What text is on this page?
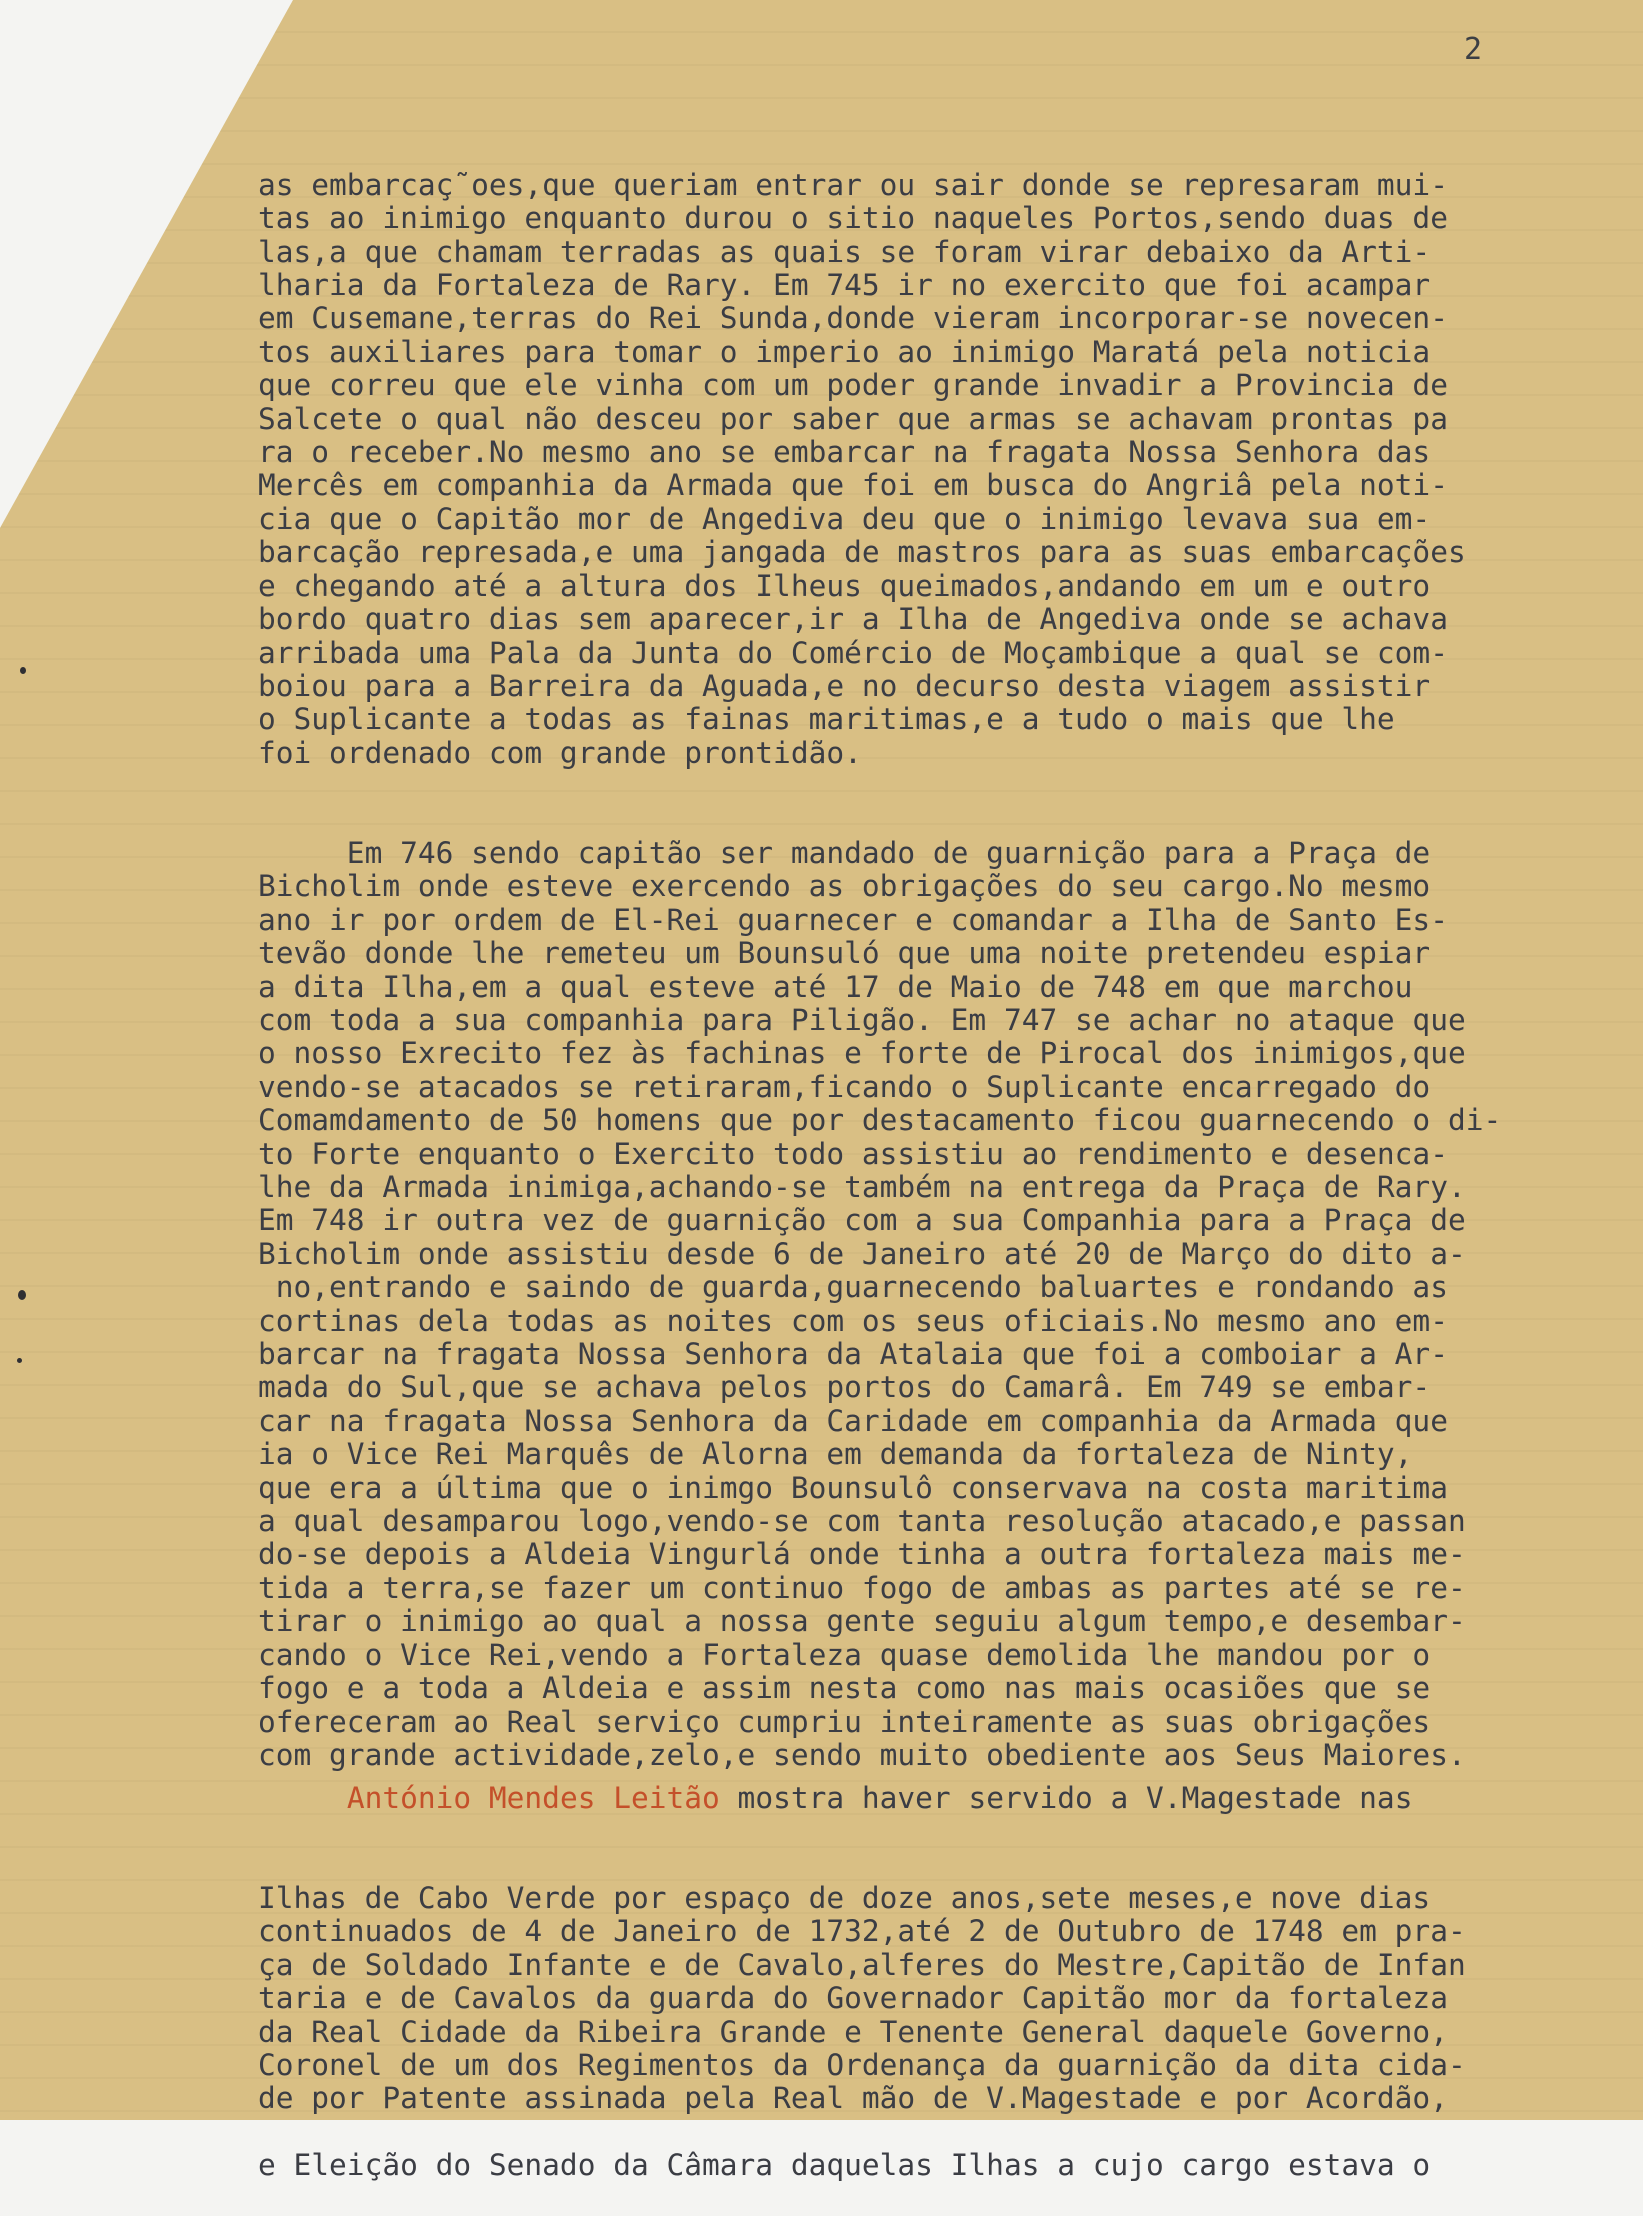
2

as embarcaç˜oes,que queriam entrar ou sair donde se represaram mui-
tas ao inimigo enquanto durou o sitio naqueles Portos,sendo duas de
las,a que chamam terradas as quais se foram virar debaixo da Arti-
lharia da Fortaleza de Rary. Em 745 ir no exercito que foi acampar
em Cusemane,terras do Rei Sunda,donde vieram incorporar-se novecen-
tos auxiliares para tomar o imperio ao inimigo Maratá pela noticia
que correu que ele vinha com um poder grande invadir a Provincia de
Salcete o qual não desceu por saber que armas se achavam prontas pa
ra o receber.No mesmo ano se embarcar na fragata Nossa Senhora das
Mercês em companhia da Armada que foi em busca do Angriâ pela noti-
cia que o Capitão mor de Angediva deu que o inimigo levava sua em-
barcação represada,e uma jangada de mastros para as suas embarcações
e chegando até a altura dos Ilheus queimados,andando em um e outro
bordo quatro dias sem aparecer,ir a Ilha de Angediva onde se achava
arribada uma Pala da Junta do Comércio de Moçambique a qual se com-
boiou para a Barreira da Aguada,e no decurso desta viagem assistir
o Suplicante a todas as fainas maritimas,e a tudo o mais que lhe
foi ordenado com grande prontidão.

Em 746 sendo capitão ser mandado de guarnição para a Praça de
Bicholim onde esteve exercendo as obrigações do seu cargo.No mesmo
ano ir por ordem de El-Rei guarnecer e comandar a Ilha de Santo Es-
tevão donde lhe remeteu um Bounsuló que uma noite pretendeu espiar
a dita Ilha,em a qual esteve até 17 de Maio de 748 em que marchou
com toda a sua companhia para Piligão. Em 747 se achar no ataque que
o nosso Exrecito fez às fachinas e forte de Pirocal dos inimigos,que
vendo-se atacados se retiraram,ficando o Suplicante encarregado do
Comamdamento de 50 homens que por destacamento ficou guarnecendo o di-
to Forte enquanto o Exercito todo assistiu ao rendimento e desenca-
lhe da Armada inimiga,achando-se também na entrega da Praça de Rary.
Em 748 ir outra vez de guarnição com a sua Companhia para a Praça de
Bicholim onde assistiu desde 6 de Janeiro até 20 de Março do dito a-
no,entrando e saindo de guarda,guarnecendo baluartes e rondando as
cortinas dela todas as noites com os seus oficiais.No mesmo ano em-
barcar na fragata Nossa Senhora da Atalaia que foi a comboiar a Ar-
mada do Sul,que se achava pelos portos do Camarâ. Em 749 se embar-
car na fragata Nossa Senhora da Caridade em companhia da Armada que
ia o Vice Rei Marquês de Alorna em demanda da fortaleza de Ninty,
que era a última que o inimgo Bounsulô conservava na costa maritima
a qual desamparou logo,vendo-se com tanta resolução atacado,e passan
do-se depois a Aldeia Vingurlá onde tinha a outra fortaleza mais me-
tida a terra,se fazer um continuo fogo de ambas as partes até se re-
tirar o inimigo ao qual a nossa gente seguiu algum tempo,e desembar-
cando o Vice Rei,vendo a Fortaleza quase demolida lhe mandou por o
fogo e a toda a Aldeia e assim nesta como nas mais ocasiões que se
ofereceram ao Real serviço cumpriu inteiramente as suas obrigações
com grande actividade,zelo,e sendo muito obediente aos Seus Maiores.

António Mendes Leitão mostra haver servido a V.Magestade nas

Ilhas de Cabo Verde por espaço de doze anos,sete meses,e nove dias
continuados de 4 de Janeiro de 1732,até 2 de Outubro de 1748 em pra-
ça de Soldado Infante e de Cavalo,alferes do Mestre,Capitão de Infan
taria e de Cavalos da guarda do Governador Capitão mor da fortaleza
da Real Cidade da Ribeira Grande e Tenente General daquele Governo,
Coronel de um dos Regimentos da Ordenança da guarnição da dita cida-
de por Patente assinada pela Real mão de V.Magestade e por Acordão,

e Eleição do Senado da Câmara daquelas Ilhas a cujo cargo estava o
